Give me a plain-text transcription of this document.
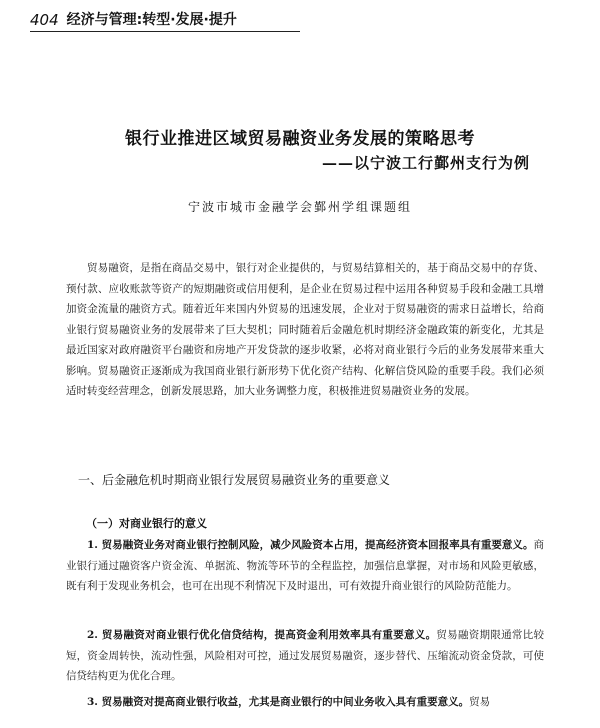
404 经济与管理:转型·发展·提升
银行业推进区域贸易融资业务发展的策略思考
——以宁波工行鄞州支行为例
宁波市城市金融学会鄞州学组课题组

贸易融资，是指在商品交易中，银行对企业提供的，与贸易结算相关的，基于商品交易中的存货、预付款、应收账款等资产的短期融资或信用便利，是企业在贸易过程中运用各种贸易手段和金融工具增加资金流量的融资方式。随着近年来国内外贸易的迅速发展，企业对于贸易融资的需求日益增长，给商业银行贸易融资业务的发展带来了巨大契机；同时随着后金融危机时期经济金融政策的新变化，尤其是最近国家对政府融资平台融资和房地产开发贷款的逐步收紧，必将对商业银行今后的业务发展带来重大影响。贸易融资正逐渐成为我国商业银行新形势下优化资产结构、化解信贷风险的重要手段。我们必须适时转变经营理念，创新发展思路，加大业务调整力度，积极推进贸易融资业务的发展。

一、后金融危机时期商业银行发展贸易融资业务的重要意义
（一）对商业银行的意义

1. 贸易融资业务对商业银行控制风险，减少风险资本占用，提高经济资本回报率具有重要意义。商业银行通过融资客户资金流、单据流、物流等环节的全程监控，加强信息掌握，对市场和风险更敏感，既有利于发现业务机会，也可在出现不利情况下及时退出，可有效提升商业银行的风险防范能力。

2. 贸易融资对商业银行优化信贷结构，提高资金利用效率具有重要意义。贸易融资期限通常比较短，资金周转快，流动性强，风险相对可控，通过发展贸易融资，逐步替代、压缩流动资金贷款，可使信贷结构更为优化合理。

3. 贸易融资对提高商业银行收益，尤其是商业银行的中间业务收入具有重要意义。贸易
